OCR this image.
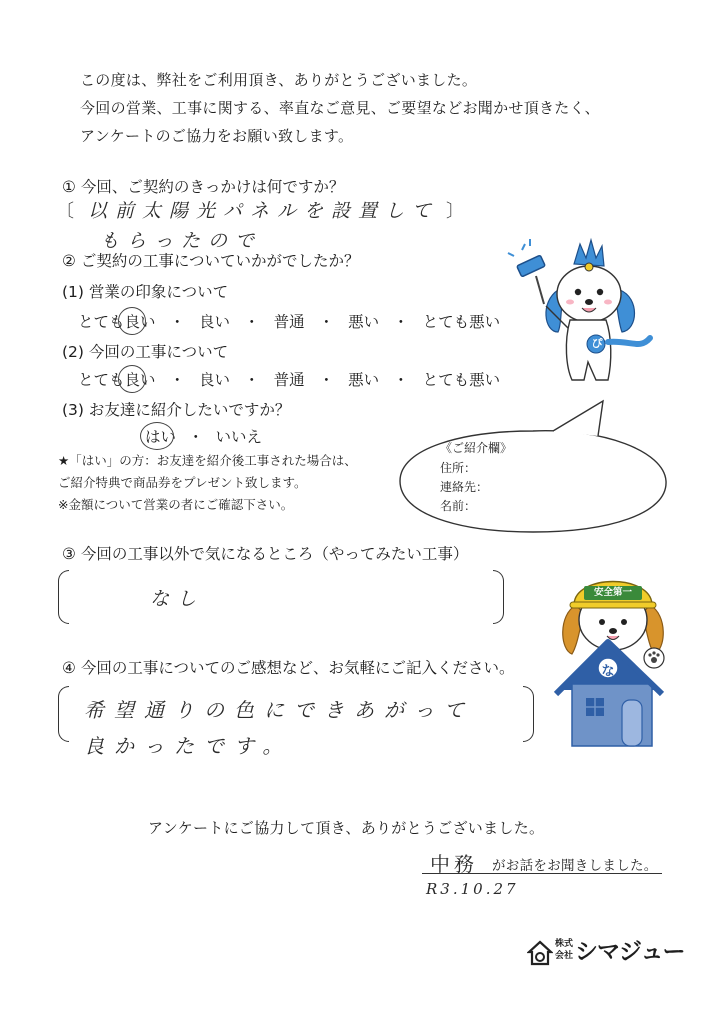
この度は、弊社をご利用頂き、ありがとうございました。
今回の営業、工事に関する、率直なご意見、ご要望などお聞かせ頂きたく、
アンケートのご協力をお願い致します。
① 今回、ご契約のきっかけは何ですか？
〔 以前太陽光パネルを設置して 〕
もらったので
② ご契約の工事についていかがでしたか？
(1) 営業の印象について
とても良い ・ 良い ・ 普通 ・ 悪い ・ とても悪い
(2) 今回の工事について
とても良い ・ 良い ・ 普通 ・ 悪い ・ とても悪い
(3) お友達に紹介したいですか？
はい ・ いいえ
★「はい」の方：お友達を紹介後工事された場合は、
ご紹介特典で商品券をプレゼント致します。
※金額について営業の者にご確認下さい。
《ご紹介欄》
住所：
連絡先：
名前：
③ 今回の工事以外で気になるところ（やってみたい工事）
なし
④ 今回の工事についてのご感想など、お気軽にご記入ください。
希望通りの色にできあがって
良かったです。
アンケートにご協力して頂き、ありがとうございました。
中務 がお話をお聞きしました。
R3.10.27
株式
会社 シマジュー
ぴ
安全第一
な
